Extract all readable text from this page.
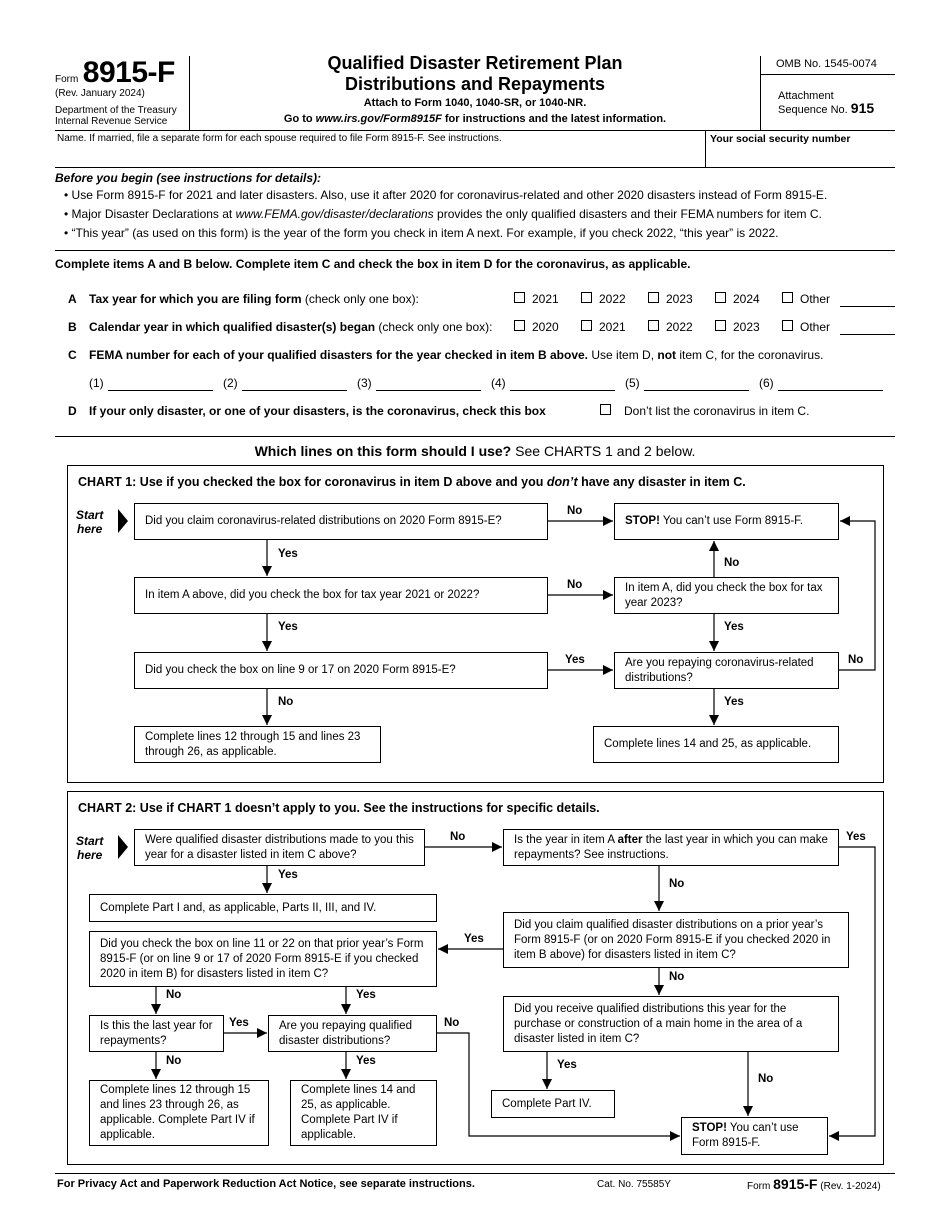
Form 8915-F
(Rev. January 2024)
Department of the Treasury
Internal Revenue Service
Qualified Disaster Retirement Plan
Distributions and Repayments
Attach to Form 1040, 1040-SR, or 1040-NR.
Go to www.irs.gov/Form8915F for instructions and the latest information.
OMB No. 1545-0074
Attachment
Sequence No. 915
Name. If married, file a separate form for each spouse required to file Form 8915-F. See instructions.	Your social security number
Before you begin (see instructions for details):
• Use Form 8915-F for 2021 and later disasters. Also, use it after 2020 for coronavirus-related and other 2020 disasters instead of Form 8915-E.
• Major Disaster Declarations at www.FEMA.gov/disaster/declarations provides the only qualified disasters and their FEMA numbers for item C.
• “This year” (as used on this form) is the year of the form you check in item A next. For example, if you check 2022, “this year” is 2022.
Complete items A and B below. Complete item C and check the box in item D for the coronavirus, as applicable.
A Tax year for which you are filing form (check only one box):	2021	2022	2023	2024	Other
B Calendar year in which qualified disaster(s) began (check only one box):	2020	2021	2022	2023	Other
C FEMA number for each of your qualified disasters for the year checked in item B above. Use item D, not item C, for the coronavirus.
(1)	(2)	(3)	(4)	(5)	(6)
D If your only disaster, or one of your disasters, is the coronavirus, check this box	Don’t list the coronavirus in item C.
Which lines on this form should I use? See CHARTS 1 and 2 below.
CHART 1: Use if you checked the box for coronavirus in item D above and you don’t have any disaster in item C.
Start
here
Did you claim coronavirus-related distributions on 2020 Form 8915-E?	STOP! You can’t use Form 8915-F.
In item A above, did you check the box for tax year 2021 or 2022?
In item A, did you check the box for tax year 2023?
Did you check the box on line 9 or 17 on 2020 Form 8915-E?
Are you repaying coronavirus-related distributions?
Complete lines 12 through 15 and lines 23 through 26, as applicable.
Complete lines 14 and 25, as applicable.
No
Yes
No
No
Yes	Yes
Yes	No
No	Yes
CHART 2: Use if CHART 1 doesn’t apply to you. See the instructions for specific details.
Start
here
Were qualified disaster distributions made to you this year for a disaster listed in item C above?
Is the year in item A after the last year in which you can make repayments? See instructions.
Complete Part I and, as applicable, Parts II, III, and IV.
Did you check the box on line 11 or 22 on that prior year’s Form 8915-F (or on line 9 or 17 of 2020 Form 8915-E if you checked 2020 in item B) for disasters listed in item C?
Did you claim qualified disaster distributions on a prior year’s Form 8915-F (or on 2020 Form 8915-E if you checked 2020 in item B above) for disasters listed in item C?
Is this the last year for repayments?
Are you repaying qualified disaster distributions?
Did you receive qualified distributions this year for the purchase or construction of a main home in the area of a disaster listed in item C?
Complete lines 12 through 15 and lines 23 through 26, as applicable. Complete Part IV if applicable.
Complete lines 14 and 25, as applicable. Complete Part IV if applicable.
Complete Part IV.
STOP! You can’t use Form 8915-F.
No	Yes
Yes
No
Yes
No
No	Yes
Yes	No
No	Yes	Yes
No
For Privacy Act and Paperwork Reduction Act Notice, see separate instructions.	Cat. No. 75585Y	Form 8915-F (Rev. 1-2024)
